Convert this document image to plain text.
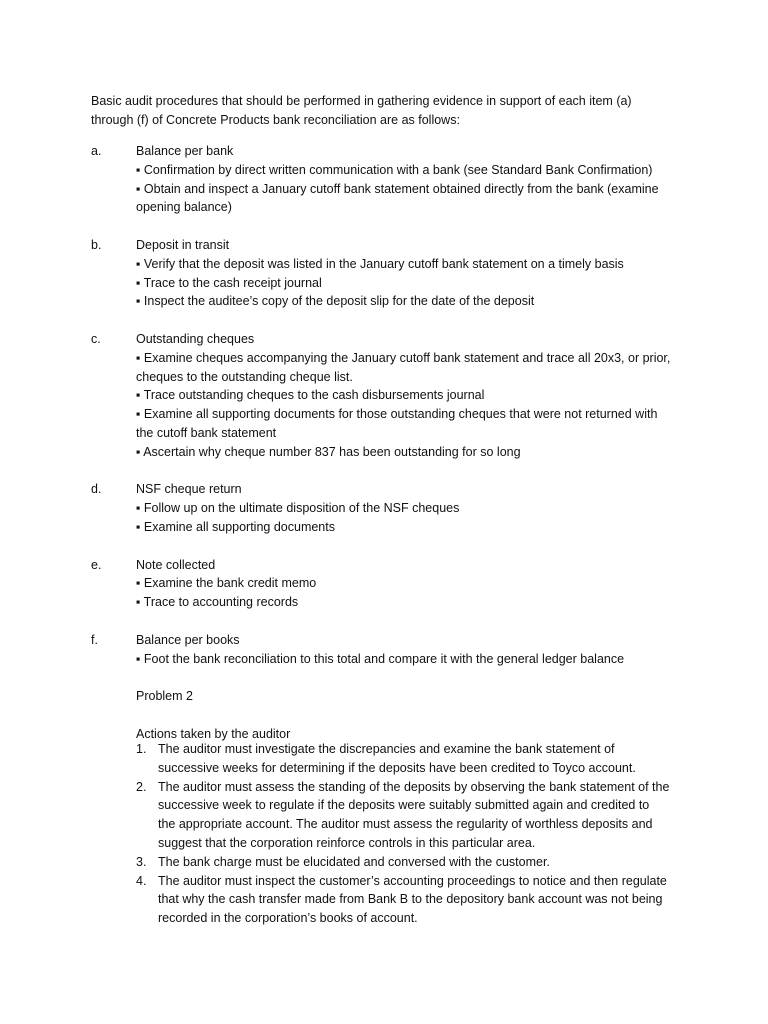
Basic audit procedures that should be performed in gathering evidence in support of each item (a)

through (f) of Concrete Products bank reconciliation are as follows:

a.	Balance per bank
▪ Confirmation by direct written communication with a bank (see Standard Bank Confirmation)
▪ Obtain and inspect a January cutoff bank statement obtained directly from the bank (examine
opening balance)
b.	Deposit in transit
▪ Verify that the deposit was listed in the January cutoff bank statement on a timely basis
▪ Trace to the cash receipt journal
▪ Inspect the auditee’s copy of the deposit slip for the date of the deposit
c.	Outstanding cheques
▪ Examine cheques accompanying the January cutoff bank statement and trace all 20x3, or prior,
cheques to the outstanding cheque list.
▪ Trace outstanding cheques to the cash disbursements journal
▪ Examine all supporting documents for those outstanding cheques that were not returned with
the cutoff bank statement
▪ Ascertain why cheque number 837 has been outstanding for so long
d.	NSF cheque return
▪ Follow up on the ultimate disposition of the NSF cheques
▪ Examine all supporting documents
e.	Note collected
▪ Examine the bank credit memo
▪ Trace to accounting records
f.	Balance per books
▪ Foot the bank reconciliation to this total and compare it with the general ledger balance
Problem 2
Actions taken by the auditor
1. The auditor must investigate the discrepancies and examine the bank statement of
successive weeks for determining if the deposits have been credited to Toyco account.
2. The auditor must assess the standing of the deposits by observing the bank statement of the
successive week to regulate if the deposits were suitably submitted again and credited to
the appropriate account. The auditor must assess the regularity of worthless deposits and
suggest that the corporation reinforce controls in this particular area.
3. The bank charge must be elucidated and conversed with the customer.
4. The auditor must inspect the customer’s accounting proceedings to notice and then regulate
that why the cash transfer made from Bank B to the depository bank account was not being
recorded in the corporation’s books of account.
